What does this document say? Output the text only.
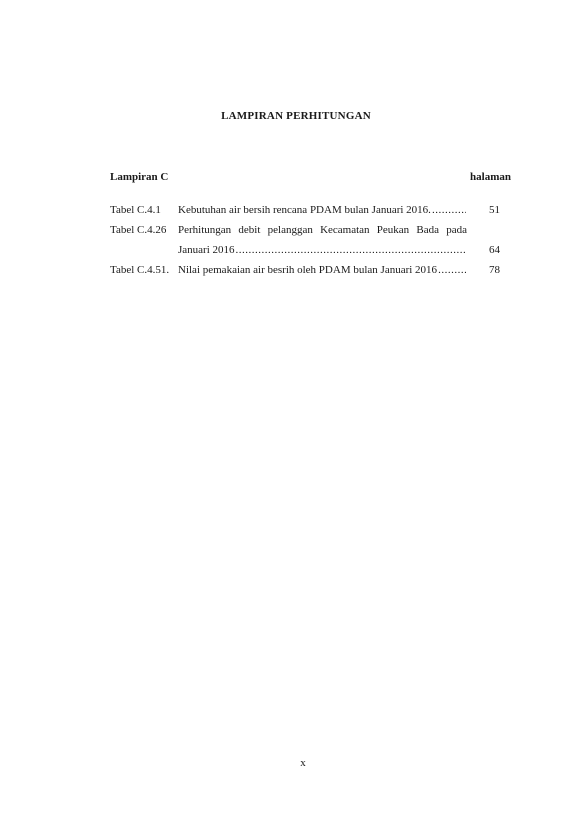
LAMPIRAN PERHITUNGAN
Lampiran C	halaman
Tabel C.4.1 Kebutuhan air bersih rencana PDAM bulan Januari 2016. .....	51
Tabel C.4.26 Perhitungan debit pelanggan Kecamatan Peukan Bada pada
Januari 2016 .....	64
Tabel C.4.51. Nilai pemakaian air besrih oleh PDAM bulan Januari 2016 .....	78
x
